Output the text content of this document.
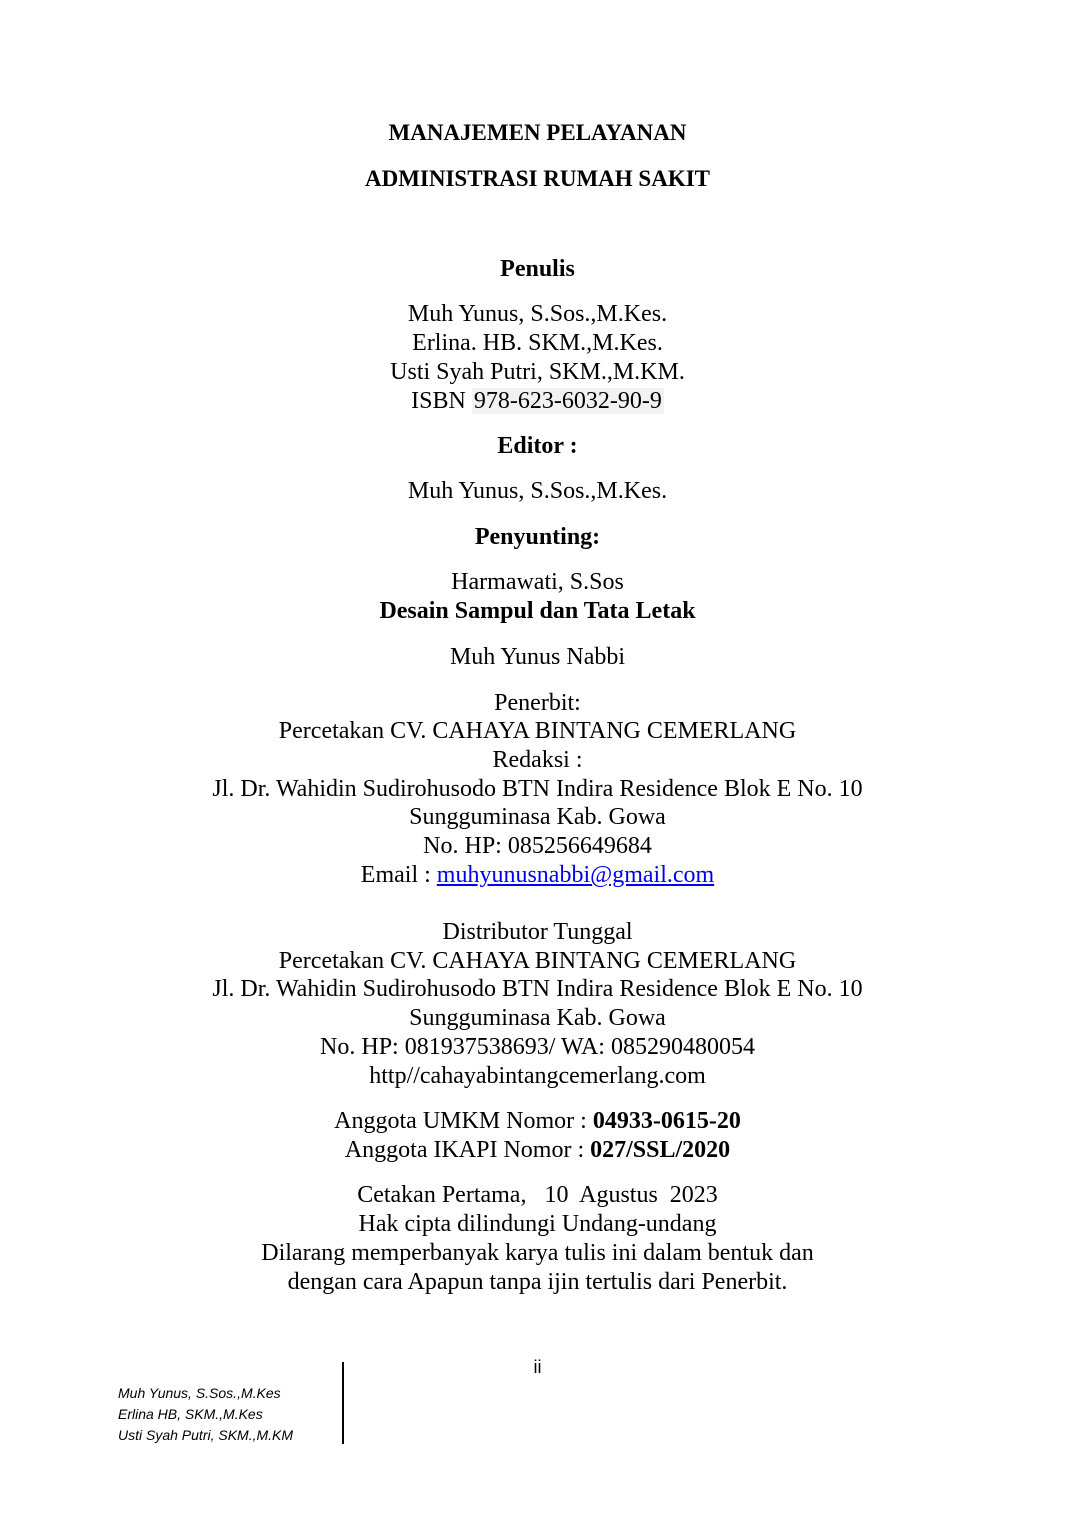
MANAJEMEN PELAYANAN
ADMINISTRASI RUMAH SAKIT
Penulis
Muh Yunus, S.Sos.,M.Kes.
Erlina. HB. SKM.,M.Kes.
Usti Syah Putri, SKM.,M.KM.
ISBN 978-623-6032-90-9
Editor :
Muh Yunus, S.Sos.,M.Kes.
Penyunting:
Harmawati, S.Sos
Desain Sampul dan Tata Letak
Muh Yunus Nabbi
Penerbit:
Percetakan CV. CAHAYA BINTANG CEMERLANG
Redaksi :
Jl. Dr. Wahidin Sudirohusodo BTN Indira Residence Blok E No. 10
Sungguminasa Kab. Gowa
No. HP: 085256649684
Email : muhyunusnabbi@gmail.com
Distributor Tunggal
Percetakan CV. CAHAYA BINTANG CEMERLANG
Jl. Dr. Wahidin Sudirohusodo BTN Indira Residence Blok E No. 10
Sungguminasa Kab. Gowa
No. HP: 081937538693/ WA: 085290480054
http//cahayabintangcemerlang.com
Anggota UMKM Nomor : 04933-0615-20
Anggota IKAPI Nomor : 027/SSL/2020
Cetakan Pertama,   10  Agustus  2023
Hak cipta dilindungi Undang-undang
Dilarang memperbanyak karya tulis ini dalam bentuk dan
dengan cara Apapun tanpa ijin tertulis dari Penerbit.
ii
Muh Yunus, S.Sos.,M.Kes
Erlina HB, SKM.,M.Kes
Usti Syah Putri, SKM.,M.KM
